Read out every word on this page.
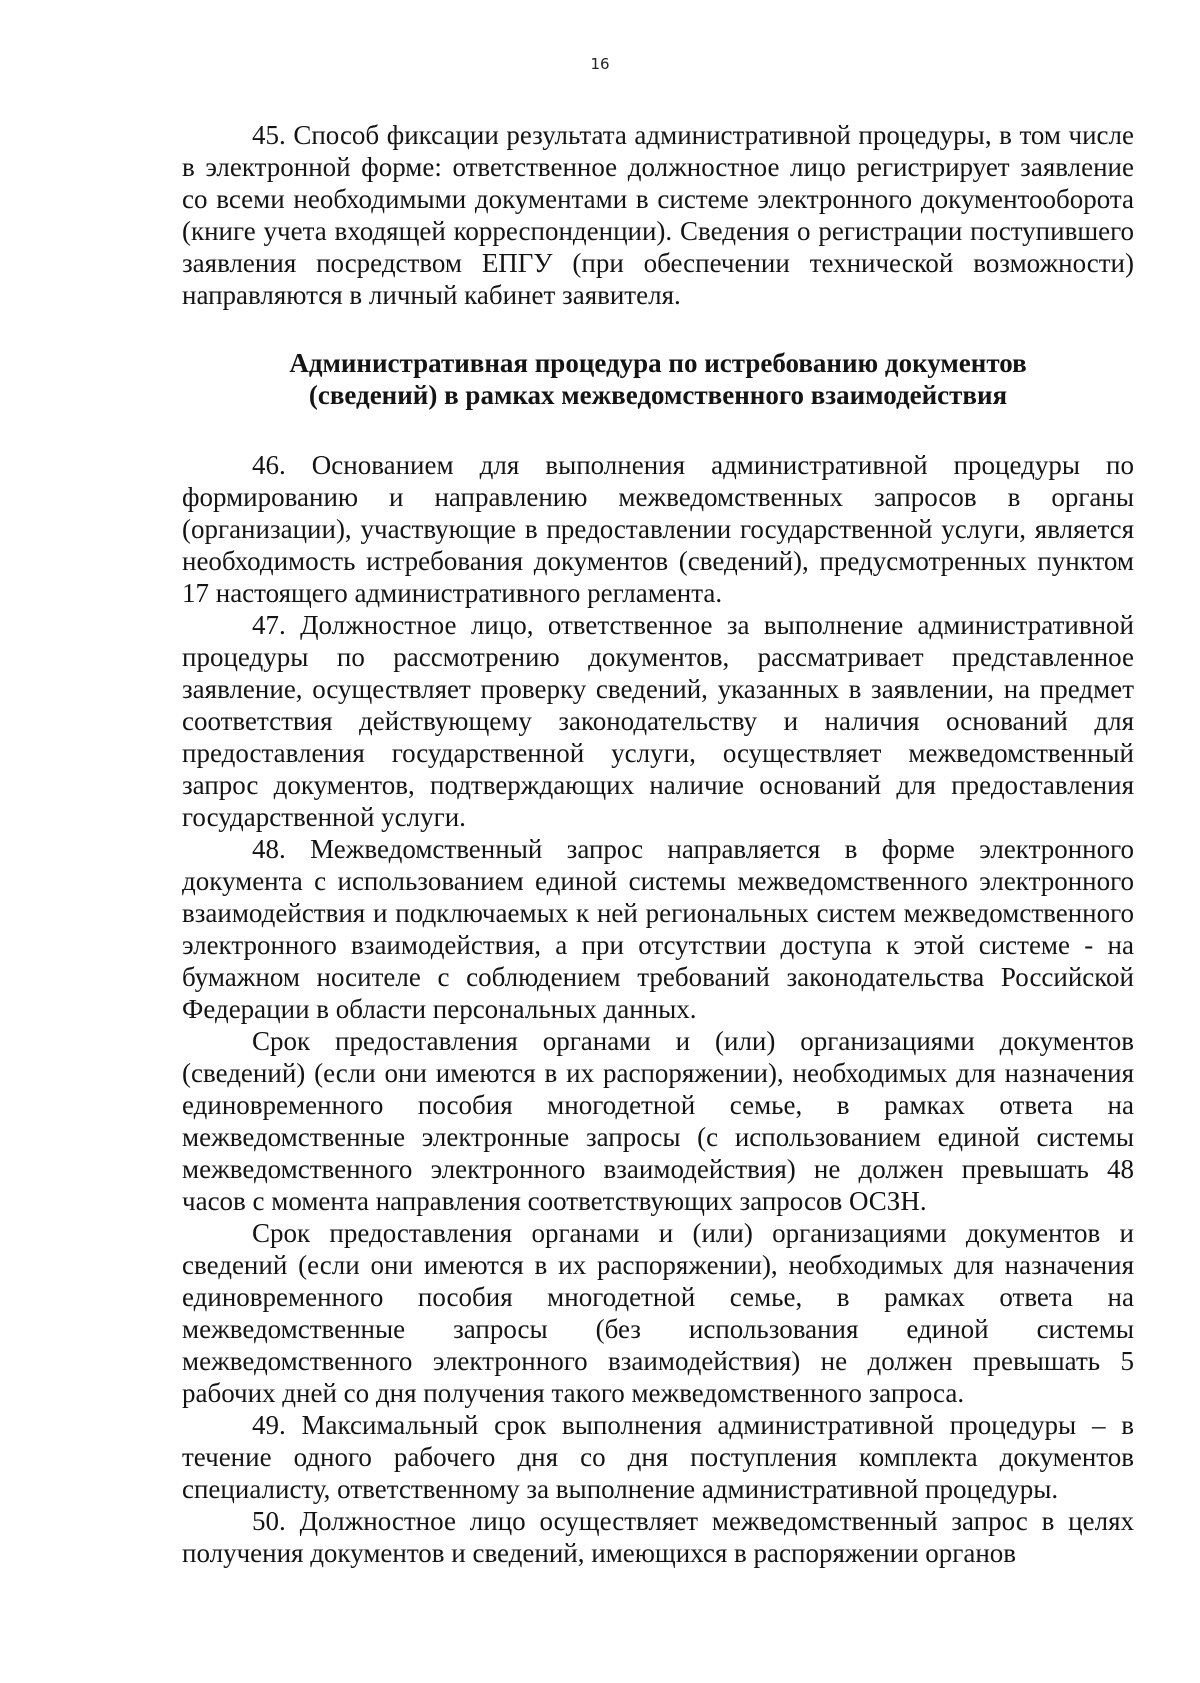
16

45. Способ фиксации результата административной процедуры, в том числе в электронной форме: ответственное должностное лицо регистрирует заявление со всеми необходимыми документами в системе электронного документооборота (книге учета входящей корреспонденции). Сведения о регистрации поступившего заявления посредством ЕПГУ (при обеспечении технической возможности) направляются в личный кабинет заявителя.

Административная процедура по истребованию документов
(сведений) в рамках межведомственного взаимодействия

46. Основанием для выполнения административной процедуры по формированию и направлению межведомственных запросов в органы (организации), участвующие в предоставлении государственной услуги, является необходимость истребования документов (сведений), предусмотренных пунктом 17 настоящего административного регламента.

47. Должностное лицо, ответственное за выполнение административной процедуры по рассмотрению документов, рассматривает представленное заявление, осуществляет проверку сведений, указанных в заявлении, на предмет соответствия действующему законодательству и наличия оснований для предоставления государственной услуги, осуществляет межведомственный запрос документов, подтверждающих наличие оснований для предоставления государственной услуги.

48. Межведомственный запрос направляется в форме электронного документа с использованием единой системы межведомственного электронного взаимодействия и подключаемых к ней региональных систем межведомственного электронного взаимодействия, а при отсутствии доступа к этой системе - на бумажном носителе с соблюдением требований законодательства Российской Федерации в области персональных данных.

Срок предоставления органами и (или) организациями документов (сведений) (если они имеются в их распоряжении), необходимых для назначения единовременного пособия многодетной семье, в рамках ответа на межведомственные электронные запросы (с использованием единой системы межведомственного электронного взаимодействия) не должен превышать 48 часов с момента направления соответствующих запросов ОСЗН.

Срок предоставления органами и (или) организациями документов и сведений (если они имеются в их распоряжении), необходимых для назначения единовременного пособия многодетной семье, в рамках ответа на межведомственные запросы (без использования единой системы межведомственного электронного взаимодействия) не должен превышать 5 рабочих дней со дня получения такого межведомственного запроса.

49. Максимальный срок выполнения административной процедуры – в течение одного рабочего дня со дня поступления комплекта документов специалисту, ответственному за выполнение административной процедуры.

50. Должностное лицо осуществляет межведомственный запрос в целях получения документов и сведений, имеющихся в распоряжении органов
